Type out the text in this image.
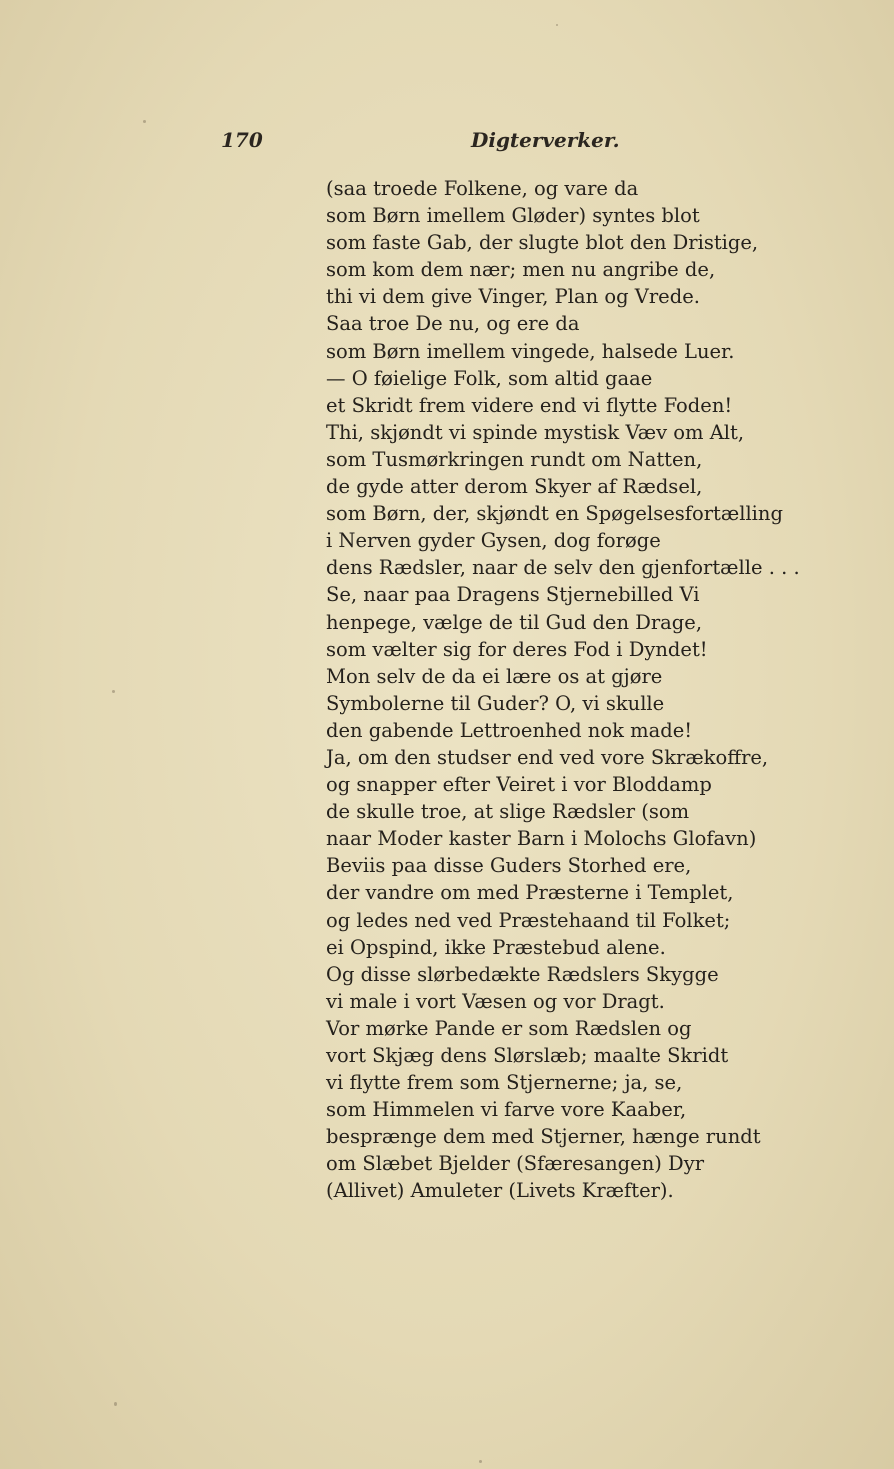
170	Digterverker.
(saa troede Folkene, og vare da
som Børn imellem Gløder) syntes blot
som faste Gab, der slugte blot den Dristige,
som kom dem nær; men nu angribe de,
thi vi dem give Vinger, Plan og Vrede.
Saa troe De nu, og ere da
som Børn imellem vingede, halsede Luer.
— O føielige Folk, som altid gaae
et Skridt frem videre end vi flytte Foden!
Thi, skjøndt vi spinde mystisk Væv om Alt,
som Tusmørkringen rundt om Natten,
de gyde atter derom Skyer af Rædsel,
som Børn, der, skjøndt en Spøgelsesfortælling
i Nerven gyder Gysen, dog forøge
dens Rædsler, naar de selv den gjenfortælle . . .
Se, naar paa Dragens Stjernebilled Vi
henpege, vælge de til Gud den Drage,
som vælter sig for deres Fod i Dyndet!
Mon selv de da ei lære os at gjøre
Symbolerne til Guder? O, vi skulle
den gabende Lettroenhed nok made!
Ja, om den studser end ved vore Skrækoffre,
og snapper efter Veiret i vor Bloddamp
de skulle troe, at slige Rædsler (som
naar Moder kaster Barn i Molochs Glofavn)
Beviis paa disse Guders Storhed ere,
der vandre om med Præsterne i Templet,
og ledes ned ved Præstehaand til Folket;
ei Opspind, ikke Præstebud alene.
Og disse slørbedækte Rædslers Skygge
vi male i vort Væsen og vor Dragt.
Vor mørke Pande er som Rædslen og
vort Skjæg dens Slørslæb; maalte Skridt
vi flytte frem som Stjernerne; ja, se,
som Himmelen vi farve vore Kaaber,
besprænge dem med Stjerner, hænge rundt
om Slæbet Bjelder (Sfæresangen) Dyr
(Allivet) Amuleter (Livets Kræfter).
